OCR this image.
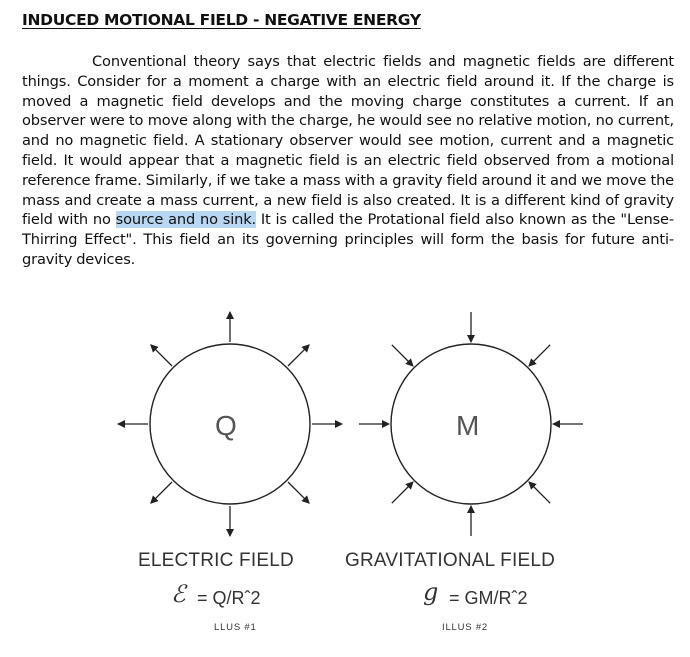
INDUCED MOTIONAL FIELD - NEGATIVE ENERGY

Conventional theory says that electric fields and magnetic fields are different things. Consider for a moment a charge with an electric field around it. If the charge is moved a magnetic field develops and the moving charge constitutes a current. If an observer were to move along with the charge, he would see no relative motion, no current, and no magnetic field. A stationary observer would see motion, current and a magnetic field. It would appear that a magnetic field is an electric field observed from a motional reference frame. Similarly, if we take a mass with a gravity field around it and we move the mass and create a mass current, a new field is also created. It is a different kind of gravity field with no source and no sink. It is called the Protational field also known as the "Lense-Thirring Effect". This field an its governing principles will form the basis for future anti-gravity devices.

Q	M
ELECTRIC FIELD	GRAVITATIONAL FIELD
ℰ = Q/Rˆ2	g = GM/Rˆ2
LLUS #1	ILLUS #2
